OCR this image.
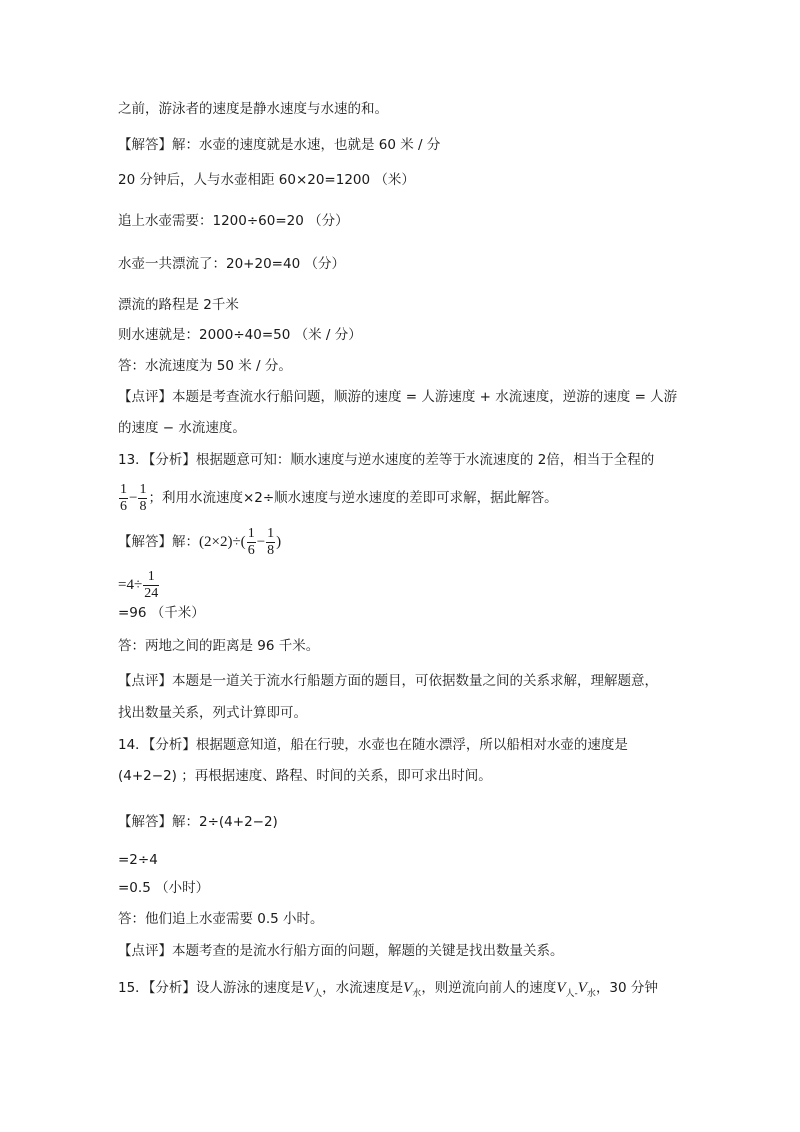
之前，游泳者的速度是静水速度与水速的和。
【解答】解：水壶的速度就是水速，也就是 60 米 / 分
20 分钟后，人与水壶相距 60×20=1200 （米）
追上水壶需要：1200÷60=20 （分）
水壶一共漂流了：20+20=40 （分）
漂流的路程是 2千米
则水速就是：2000÷40=50 （米 / 分）
答：水流速度为 50 米 / 分。
【点评】本题是考查流水行船问题，顺游的速度 = 人游速度 + 水流速度，逆游的速度 = 人游
的速度 − 水流速度。
13．【分析】根据题意可知：顺水速度与逆水速度的差等于水流速度的 2倍，相当于全程的
$\frac{1}{6} - \frac{1}{8}$ ；利用水流速度×2÷顺水速度与逆水速度的差即可求解，据此解答。
【解答】解：$(2\times 2)\div( \frac{1}{6} - \frac{1}{8}$ )
$=4\div \frac{1}{24}$
=96 （千米）
答：两地之间的距离是 96 千米。
【点评】本题是一道关于流水行船题方面的题目，可依据数量之间的关系求解，理解题意，
找出数量关系，列式计算即可。
14．【分析】根据题意知道，船在行驶，水壶也在随水漂浮，所以船相对水壶的速度是
(4+2−2) ；再根据速度、路程、时间的关系，即可求出时间。
【解答】解：2÷(4+2−2)
=2÷4
=0.5 （小时）
答：他们追上水壶需要 0.5 小时。
【点评】本题考查的是流水行船方面的问题，解题的关键是找出数量关系。
15．【分析】设人游泳的速度是$V_人$，水流速度是$V_水$，则逆流向前人的速度$V_{人-}V_水$，30 分钟
